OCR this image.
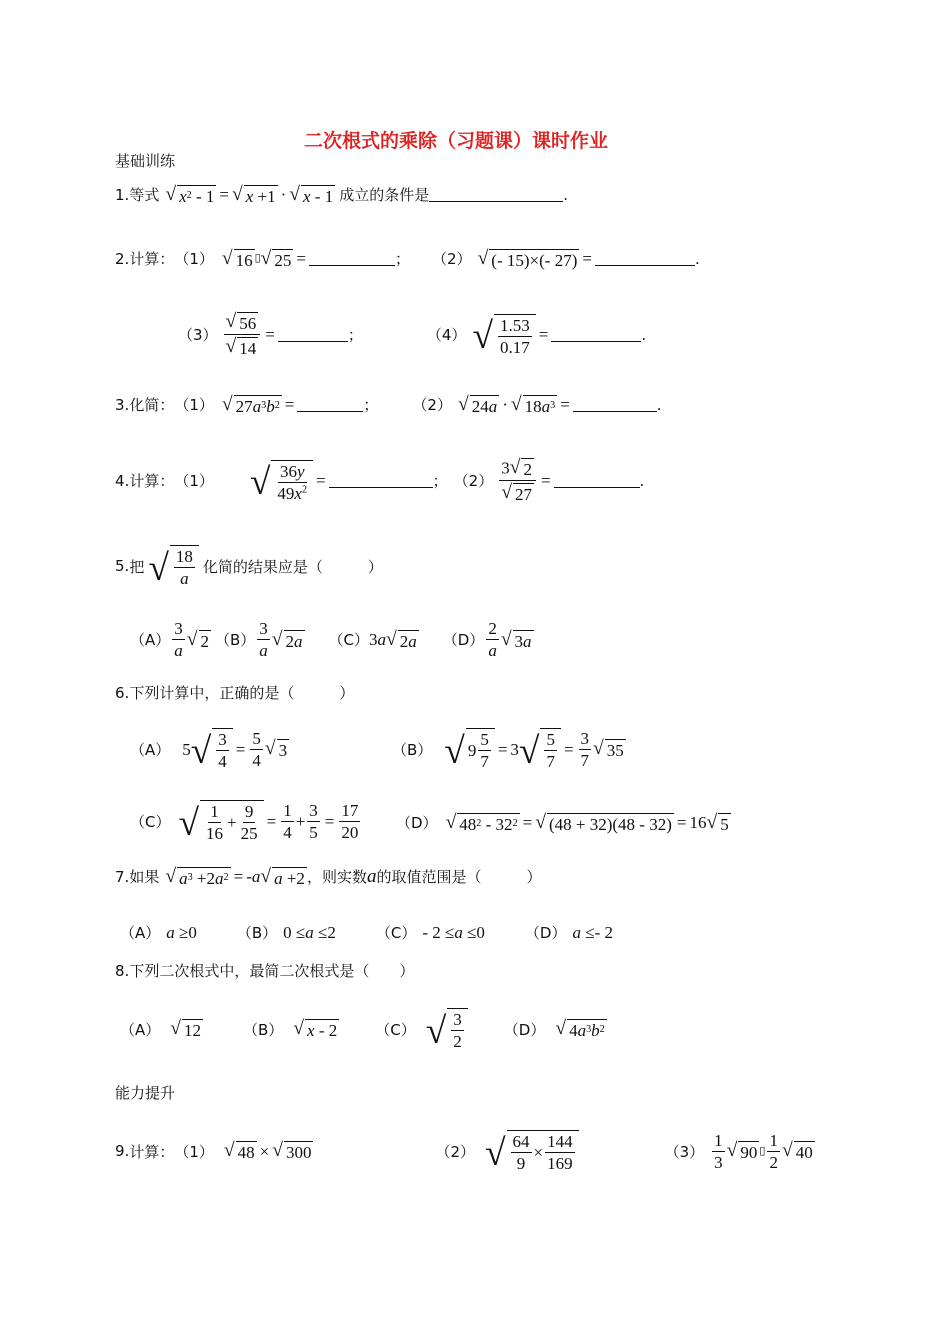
二次根式的乘除（习题课）课时作业
基础训练
1. 等式 √ x 2 - 1 = √ x +1 · √ x - 1 成立的条件是	.
2. 计算： （1） √ 16 ▯ √ 25 =	； （2） √ (- 15)×(- 27) =	.
$(3) \frac{√ 56}{√ 14}$ =	；	（4） √ 1.53
0.17
=	.
3. 化简： （1） √ 27 a 3 b 2 =	； （2） √ 24 a · √ 18 a 3 =	.
4. 计算： （1） √ 36y
$49x^2$ =	； $(2) \frac{3 √ 2}{√ 27}$ =	.
5. 把 √ 18
a
化简的结果应是（　　　）
（A）
3
a
√ 2 （B）
3
a
√ 2 a （C） 3 a √ 2 a （D）
2
a
√ 3 a
6. 下列计算中，正确的是（　　　）
（A） 5 √ 3
4
= $\frac{5}{4}$ √ 3	（B） √ 9
5
7
= 3 √ 5
7
= $\frac{3}{7}$ √ 35
（C） √ 1
16
+
9
25
= $\frac{1}{4} + \frac{3}{5} = \frac{17}{20} (D)$ √ 48 2 - 32 2 = √ (48 + 32)(48 - 32) = 16 √ 5
7. 如果 √ a 3 +2 a 2 = - a √ a +2 ，则实数 a 的取值范围是（　　　）
（A） a ≥0	（B） 0 ≤ a ≤2	（C） - 2 ≤ a ≤0	（D） a ≤- 2
8. 下列二次根式中，最简二次根式是（　　）
（A） √ 12	（B） √ x - 2	（C） √ 3
2
（D） √ 4 a 3 b 2
能力提升
9. 计算： （1） √ 48 × √ 300	（2） √ 64
9
×
144
169
（3）
1
3
√ 90 ▯
1
2
√ 40
